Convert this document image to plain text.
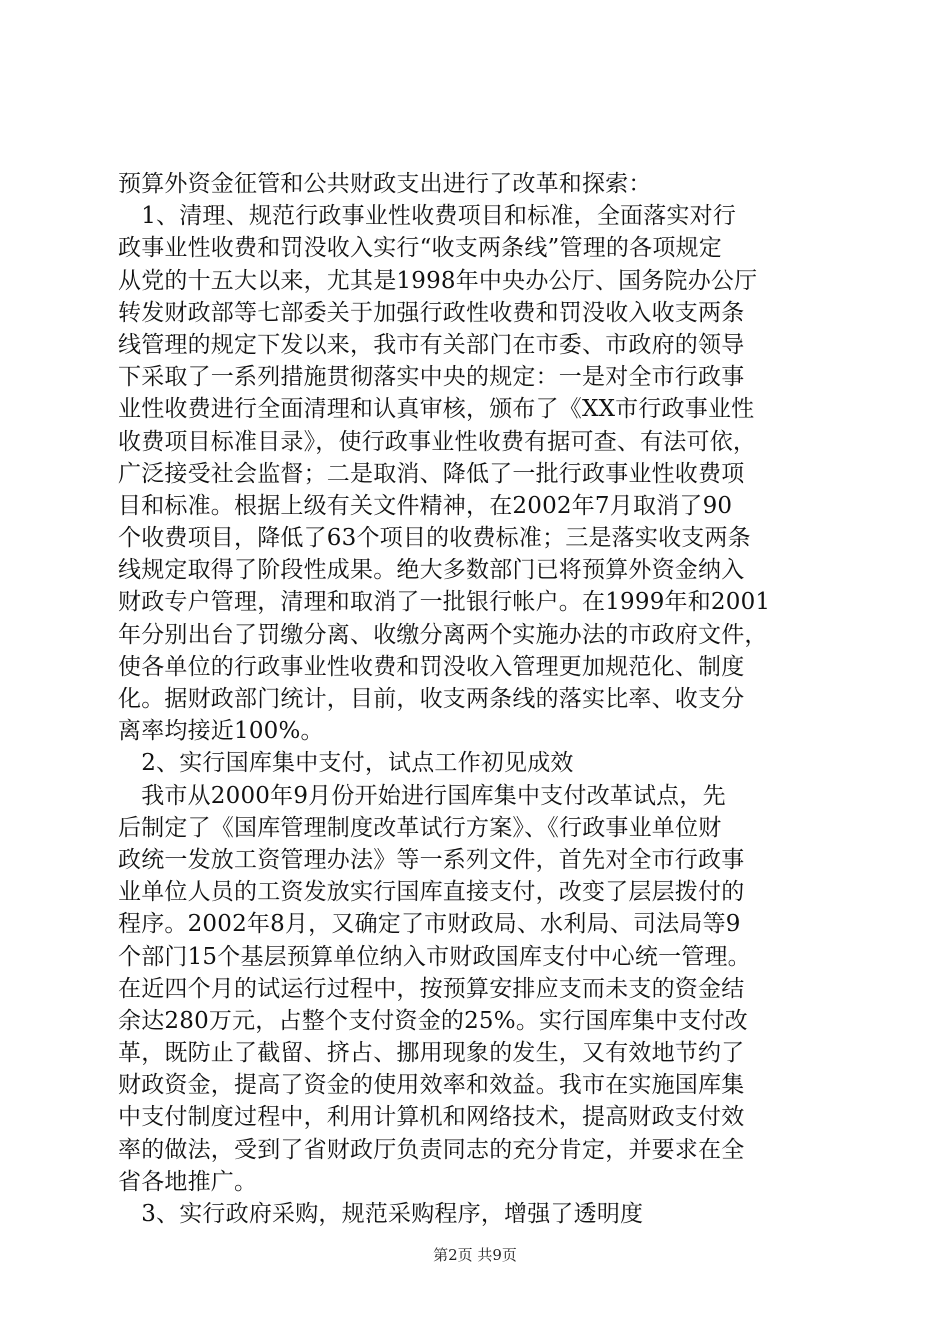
预算外资金征管和公共财政支出进行了改革和探索：
　1、清理、规范行政事业性收费项目和标准，全面落实对行
政事业性收费和罚没收入实行“收支两条线”管理的各项规定
从党的十五大以来，尤其是1998年中央办公厅、国务院办公厅
转发财政部等七部委关于加强行政性收费和罚没收入收支两条
线管理的规定下发以来，我市有关部门在市委、市政府的领导
下采取了一系列措施贯彻落实中央的规定：一是对全市行政事
业性收费进行全面清理和认真审核，颁布了《XX市行政事业性
收费项目标准目录》，使行政事业性收费有据可查、有法可依，
广泛接受社会监督；二是取消、降低了一批行政事业性收费项
目和标准。根据上级有关文件精神，在2002年7月取消了90
个收费项目，降低了63个项目的收费标准；三是落实收支两条
线规定取得了阶段性成果。绝大多数部门已将预算外资金纳入
财政专户管理，清理和取消了一批银行帐户。在1999年和2001
年分别出台了罚缴分离、收缴分离两个实施办法的市政府文件，
使各单位的行政事业性收费和罚没收入管理更加规范化、制度
化。据财政部门统计，目前，收支两条线的落实比率、收支分
离率均接近100%。
　2、实行国库集中支付，试点工作初见成效
　我市从2000年9月份开始进行国库集中支付改革试点，先
后制定了《国库管理制度改革试行方案》、《行政事业单位财
政统一发放工资管理办法》等一系列文件，首先对全市行政事
业单位人员的工资发放实行国库直接支付，改变了层层拨付的
程序。2002年8月，又确定了市财政局、水利局、司法局等9
个部门15个基层预算单位纳入市财政国库支付中心统一管理。
在近四个月的试运行过程中，按预算安排应支而未支的资金结
余达280万元，占整个支付资金的25%。实行国库集中支付改
革，既防止了截留、挤占、挪用现象的发生，又有效地节约了
财政资金，提高了资金的使用效率和效益。我市在实施国库集
中支付制度过程中，利用计算机和网络技术，提高财政支付效
率的做法，受到了省财政厅负责同志的充分肯定，并要求在全
省各地推广。
　3、实行政府采购，规范采购程序，增强了透明度
第2页 共9页
